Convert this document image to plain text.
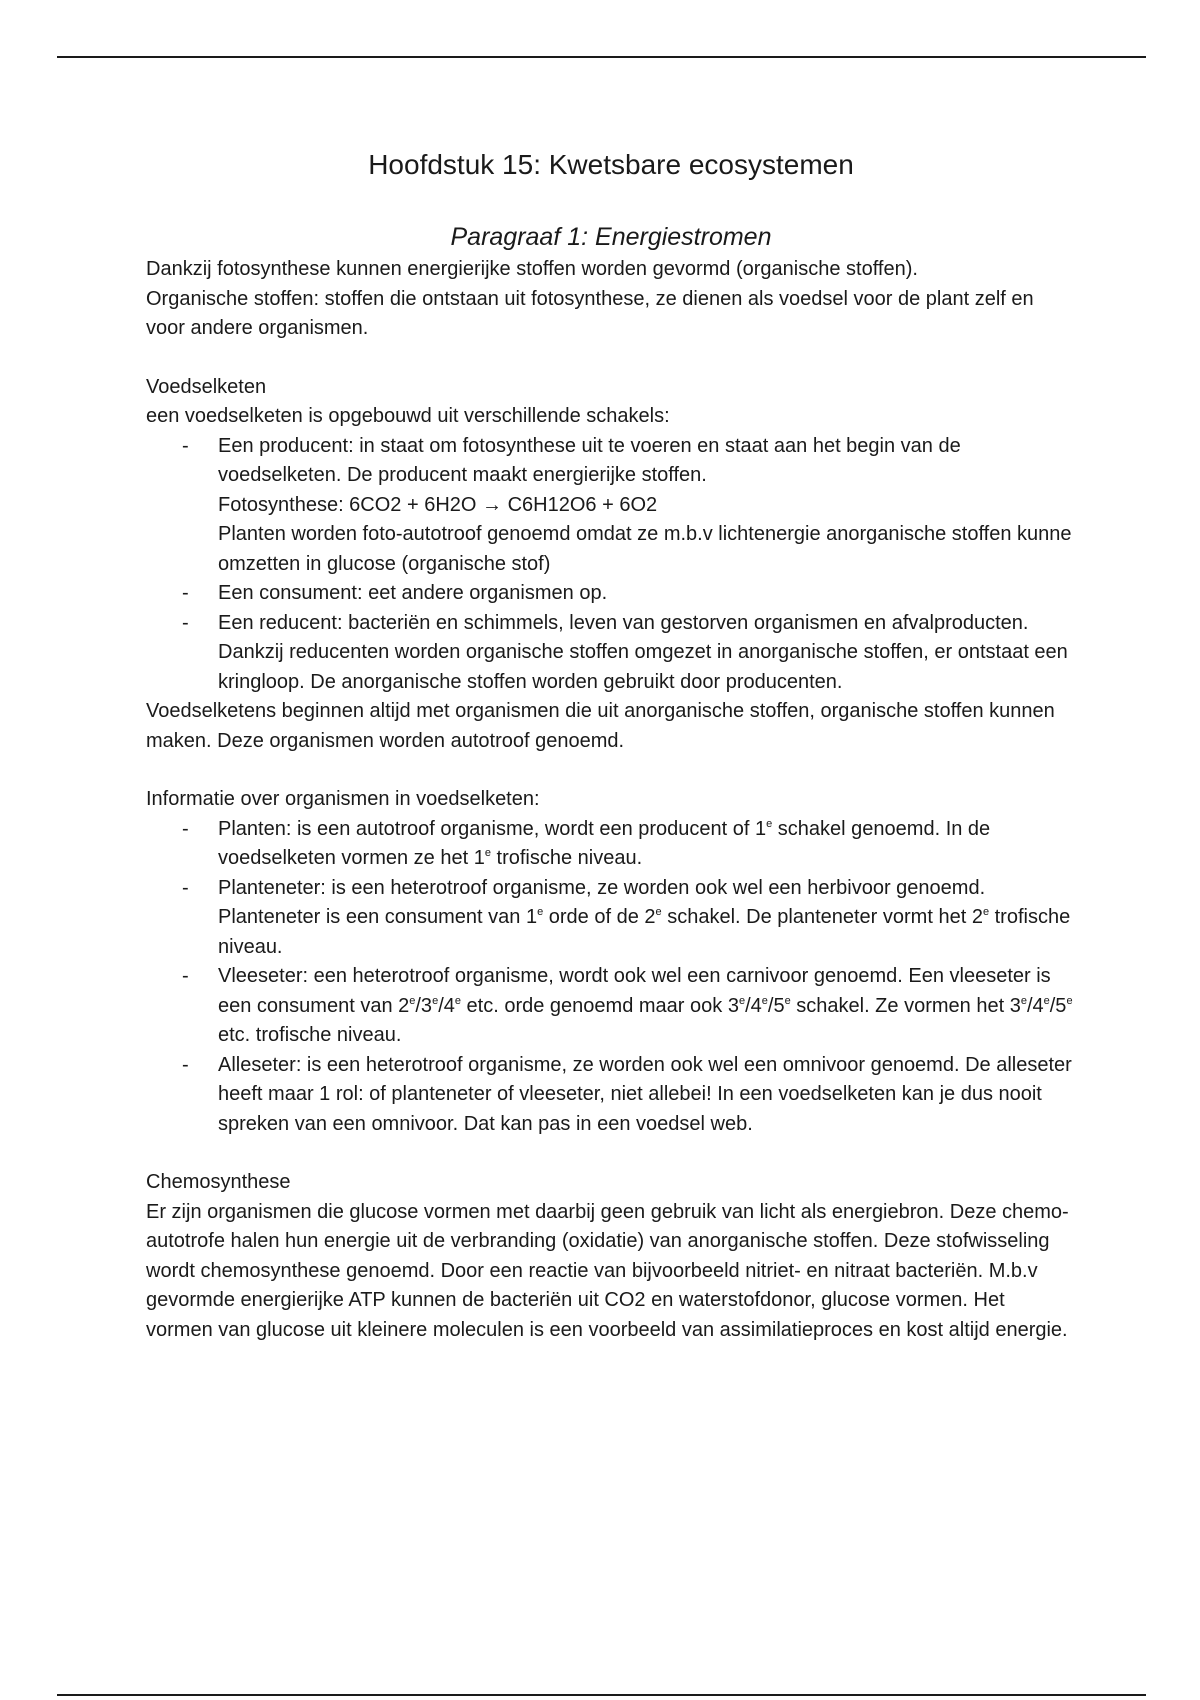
Hoofdstuk 15: Kwetsbare ecosystemen
Paragraaf 1: Energiestromen

Dankzij fotosynthese kunnen energierijke stoffen worden gevormd (organische stoffen).

Organische stoffen: stoffen die ontstaan uit fotosynthese, ze dienen als voedsel voor de plant zelf en voor andere organismen.

Voedselketen

een voedselketen is opgebouwd uit verschillende schakels:

- Een producent: in staat om fotosynthese uit te voeren en staat aan het begin van de voedselketen. De producent maakt energierijke stoffen.
Fotosynthese: 6CO2 + 6H2O → C6H12O6 + 6O2
Planten worden foto-autotroof genoemd omdat ze m.b.v lichtenergie anorganische stoffen kunne omzetten in glucose (organische stof)
- Een consument: eet andere organismen op.
- Een reducent: bacteriën en schimmels, leven van gestorven organismen en afvalproducten. Dankzij reducenten worden organische stoffen omgezet in anorganische stoffen, er ontstaat een kringloop. De anorganische stoffen worden gebruikt door producenten.

Voedselketens beginnen altijd met organismen die uit anorganische stoffen, organische stoffen kunnen maken. Deze organismen worden autotroof genoemd.

Informatie over organismen in voedselketen:

- Planten: is een autotroof organisme, wordt een producent of 1e schakel genoemd. In de voedselketen vormen ze het 1e trofische niveau.
- Planteneter: is een heterotroof organisme, ze worden ook wel een herbivoor genoemd. Planteneter is een consument van 1e orde of de 2e schakel. De planteneter vormt het 2e trofische niveau.
- Vleeseter: een heterotroof organisme, wordt ook wel een carnivoor genoemd. Een vleeseter is een consument van 2e/3e/4e etc. orde genoemd maar ook 3e/4e/5e schakel. Ze vormen het 3e/4e/5e etc. trofische niveau.
- Alleseter: is een heterotroof organisme, ze worden ook wel een omnivoor genoemd. De alleseter heeft maar 1 rol: of planteneter of vleeseter, niet allebei! In een voedselketen kan je dus nooit spreken van een omnivoor. Dat kan pas in een voedsel web.

Chemosynthese

Er zijn organismen die glucose vormen met daarbij geen gebruik van licht als energiebron. Deze chemo-autotrofe halen hun energie uit de verbranding (oxidatie) van anorganische stoffen. Deze stofwisseling wordt chemosynthese genoemd. Door een reactie van bijvoorbeeld nitriet- en nitraat bacteriën. M.b.v gevormde energierijke ATP kunnen de bacteriën uit CO2 en waterstofdonor, glucose vormen. Het vormen van glucose uit kleinere moleculen is een voorbeeld van assimilatieproces en kost altijd energie.
